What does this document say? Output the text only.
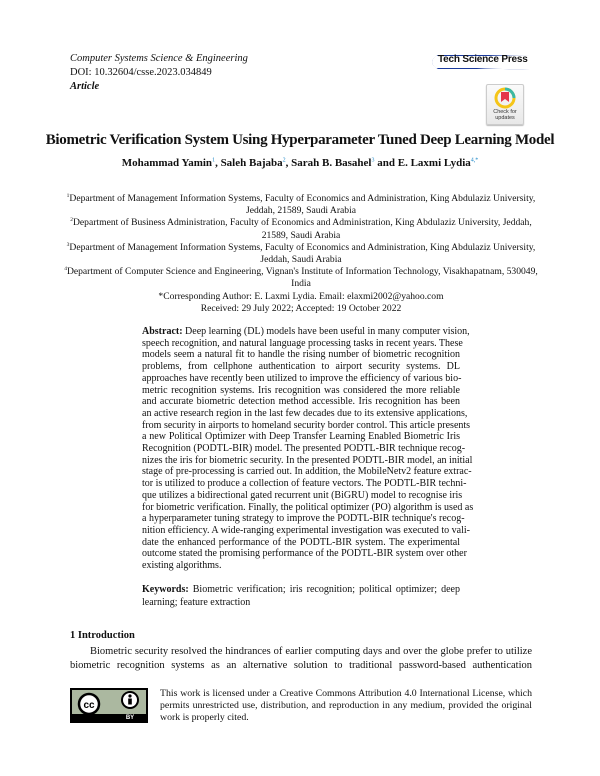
Computer Systems Science & Engineering
DOI: 10.32604/csse.2023.034849
Article
Tech Science Press
Check for
updates
Biometric Verification System Using Hyperparameter Tuned Deep Learning Model
Mohammad Yamin$^1$, Saleh Bajaba$^2$, Sarah B. Basahel$^3$ and E. Laxmi Lydia$^{4,*}$
$^1$Department of Management Information Systems, Faculty of Economics and Administration, King Abdulaziz University, Jeddah, 21589, Saudi Arabia
$^2$Department of Business Administration, Faculty of Economics and Administration, King Abdulaziz University, Jeddah, 21589, Saudi Arabia
$^3$Department of Management Information Systems, Faculty of Economics and Administration, King Abdulaziz University, Jeddah, Saudi Arabia
$^4$Department of Computer Science and Engineering, Vignan's Institute of Information Technology, Visakhapatnam, 530049, India
*Corresponding Author: E. Laxmi Lydia. Email: elaxmi2002@yahoo.com
Received: 29 July 2022; Accepted: 19 October 2022
Abstract: Deep learning (DL) models have been useful in many computer vision,
speech recognition, and natural language processing tasks in recent years. These
models seem a natural fit to handle the rising number of biometric recognition
problems, from cellphone authentication to airport security systems. DL
approaches have recently been utilized to improve the efficiency of various bio-
metric recognition systems. Iris recognition was considered the more reliable
and accurate biometric detection method accessible. Iris recognition has been
an active research region in the last few decades due to its extensive applications,
from security in airports to homeland security border control. This article presents
a new Political Optimizer with Deep Transfer Learning Enabled Biometric Iris
Recognition (PODTL-BIR) model. The presented PODTL-BIR technique recog-
nizes the iris for biometric security. In the presented PODTL-BIR model, an initial
stage of pre-processing is carried out. In addition, the MobileNetv2 feature extrac-
tor is utilized to produce a collection of feature vectors. The PODTL-BIR techni-
que utilizes a bidirectional gated recurrent unit (BiGRU) model to recognise iris
for biometric verification. Finally, the political optimizer (PO) algorithm is used as
a hyperparameter tuning strategy to improve the PODTL-BIR technique's recog-
nition efficiency. A wide-ranging experimental investigation was executed to vali-
date the enhanced performance of the PODTL-BIR system. The experimental
outcome stated the promising performance of the PODTL-BIR system over other
existing algorithms.
Keywords: Biometric verification; iris recognition; political optimizer; deep
learning; feature extraction
1 Introduction
Biometric security resolved the hindrances of earlier computing days and over the globe prefer to utilize
biometric recognition systems as an alternative solution to traditional password-based authentication
cc
BY
This work is licensed under a Creative Commons Attribution 4.0 International License, which permits unrestricted use, distribution, and reproduction in any medium, provided the original work is properly cited.
